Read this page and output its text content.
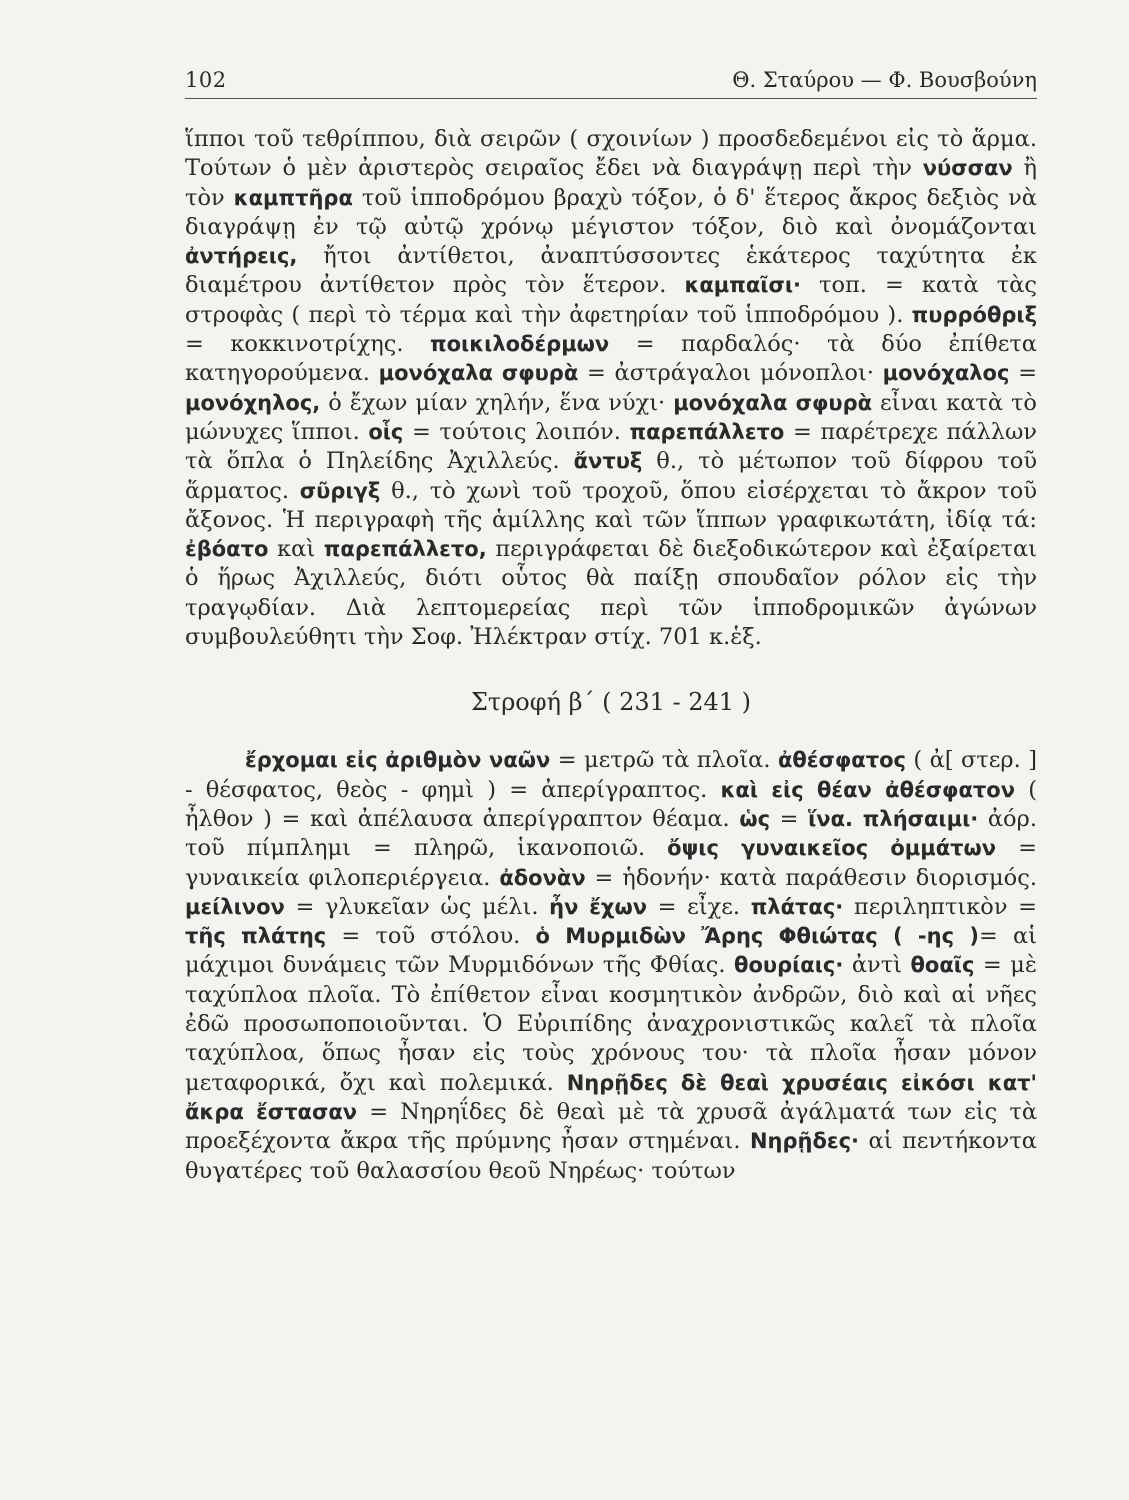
102	Θ. Σταύρου — Φ. Βουσβούνη

ἵπποι τοῦ τεθρίππου, διὰ σειρῶν ( σχοινίων ) προσδεδεμένοι εἰς τὸ ἅρμα. Τούτων ὁ μὲν ἀριστερὸς σειραῖος ἔδει νὰ διαγράψῃ περὶ τὴν νύσσαν ἢ τὸν καμπτῆρα τοῦ ἱπποδρόμου βραχὺ τόξον, ὁ δ' ἕτερος ἄκρος δεξιὸς νὰ διαγράψῃ ἐν τῷ αὐτῷ χρόνῳ μέγιστον τόξον, διὸ καὶ ὀνομάζονται ἀντήρεις, ἤτοι ἀντίθετοι, ἀναπτύσσοντες ἑκάτερος ταχύτητα ἐκ διαμέτρου ἀντίθετον πρὸς τὸν ἕτερον. καμπαῖσι· τοπ. = κατὰ τὰς στροφὰς ( περὶ τὸ τέρμα καὶ τὴν ἀφετηρίαν τοῦ ἱπποδρόμου ). πυρρόθριξ = κοκκινοτρίχης. ποικιλοδέρμων = παρδαλός· τὰ δύο ἐπίθετα κατηγορούμενα. μονόχαλα σφυρὰ = ἀστράγαλοι μόνοπλοι· μονόχαλος = μονόχηλος, ὁ ἔχων μίαν χηλήν, ἕνα νύχι· μονόχαλα σφυρὰ εἶναι κατὰ τὸ μώνυχες ἵπποι. οἷς = τούτοις λοιπόν. παρεπάλλετο = παρέτρεχε πάλλων τὰ ὅπλα ὁ Πηλείδης Ἀχιλλεύς. ἄντυξ θ., τὸ μέτωπον τοῦ δίφρου τοῦ ἅρματος. σῦριγξ θ., τὸ χωνὶ τοῦ τροχοῦ, ὅπου εἰσέρχεται τὸ ἄκρον τοῦ ἄξονος. Ἡ περιγραφὴ τῆς ἁμίλλης καὶ τῶν ἵππων γραφικωτάτη, ἰδίᾳ τά: ἐβόατο καὶ παρεπάλλετο, περιγράφεται δὲ διεξοδικώτερον καὶ ἐξαίρεται ὁ ἥρως Ἀχιλλεύς, διότι οὗτος θὰ παίξῃ σπουδαῖον ρόλον εἰς τὴν τραγῳδίαν. Διὰ λεπτομερείας περὶ τῶν ἱπποδρομικῶν ἀγώνων συμβουλεύθητι τὴν Σοφ. Ἠλέκτραν στίχ. 701 κ.ἑξ.

Στροφή β΄ ( 231 - 241 )

ἔρχομαι εἰς ἀριθμὸν ναῶν = μετρῶ τὰ πλοῖα. ἀθέσφατος ( ἀ[ στερ. ] - θέσφατος, θεὸς - φημὶ ) = ἀπερίγραπτος. καὶ εἰς θέαν ἀθέσφατον ( ἦλθον ) = καὶ ἀπέλαυσα ἀπερίγραπτον θέαμα. ὡς = ἵνα. πλήσαιμι· ἀόρ. τοῦ πίμπλημι = πληρῶ, ἱκανοποιῶ. ὄψις γυναικεῖος ὀμμάτων = γυναικεία φιλοπεριέργεια. ἀδονὰν = ἡδονήν· κατὰ παράθεσιν διορισμός. μείλινον = γλυκεῖαν ὡς μέλι. ἦν ἔχων = εἶχε. πλάτας· περιληπτικὸν = τῆς πλάτης = τοῦ στόλου. ὁ Μυρμιδὼν Ἄρης Φθιώτας ( -ης )= αἱ μάχιμοι δυνάμεις τῶν Μυρμιδόνων τῆς Φθίας. θουρίαις· ἀντὶ θοαῖς = μὲ ταχύπλοα πλοῖα. Τὸ ἐπίθετον εἶναι κοσμητικὸν ἀνδρῶν, διὸ καὶ αἱ νῆες ἐδῶ προσωποποιοῦνται. Ὁ Εὐριπίδης ἀναχρονιστικῶς καλεῖ τὰ πλοῖα ταχύπλοα, ὅπως ἦσαν εἰς τοὺς χρόνους του· τὰ πλοῖα ἦσαν μόνον μεταφορικά, ὄχι καὶ πολεμικά. Νηρῇδες δὲ θεαὶ χρυσέαις εἰκόσι κατ' ἄκρα ἔστασαν = Νηρηΐδες δὲ θεαὶ μὲ τὰ χρυσᾶ ἀγάλματά των εἰς τὰ προεξέχοντα ἄκρα τῆς πρύμνης ἦσαν στημέναι. Νηρῇδες· αἱ πεντήκοντα θυγατέρες τοῦ θαλασσίου θεοῦ Νηρέως· τούτων
